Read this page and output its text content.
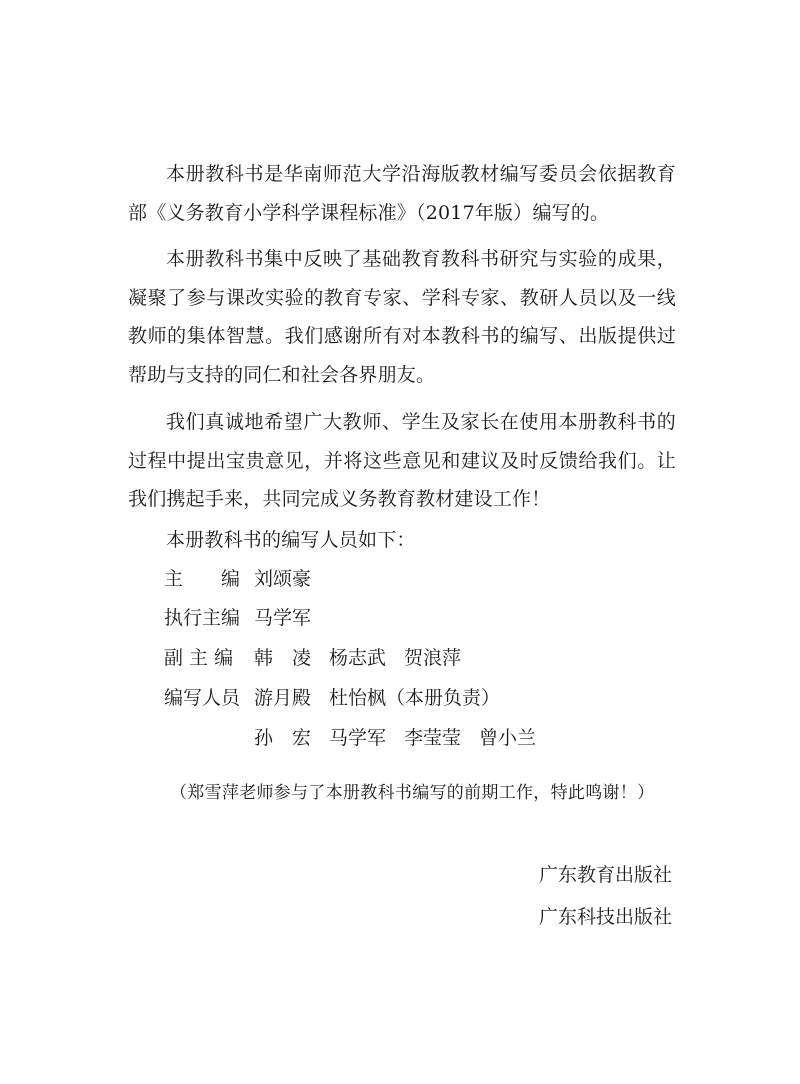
本册教科书是华南师范大学沿海版教材编写委员会依据教育部《义务教育小学科学课程标准》（2017年版）编写的。

本册教科书集中反映了基础教育教科书研究与实验的成果，凝聚了参与课改实验的教育专家、学科专家、教研人员以及一线教师的集体智慧。我们感谢所有对本教科书的编写、出版提供过帮助与支持的同仁和社会各界朋友。

我们真诚地希望广大教师、学生及家长在使用本册教科书的过程中提出宝贵意见，并将这些意见和建议及时反馈给我们。让我们携起手来，共同完成义务教育教材建设工作！

本册教科书的编写人员如下：

主　　编 刘颂豪
执行主编 马学军
副 主 编 韩　凌 杨志武 贺浪萍
编写人员 游月殿 杜怡枫（本册负责）
孙　宏 马学军 李莹莹 曾小兰
（郑雪萍老师参与了本册教科书编写的前期工作，特此鸣谢！）
广东教育出版社
广东科技出版社
